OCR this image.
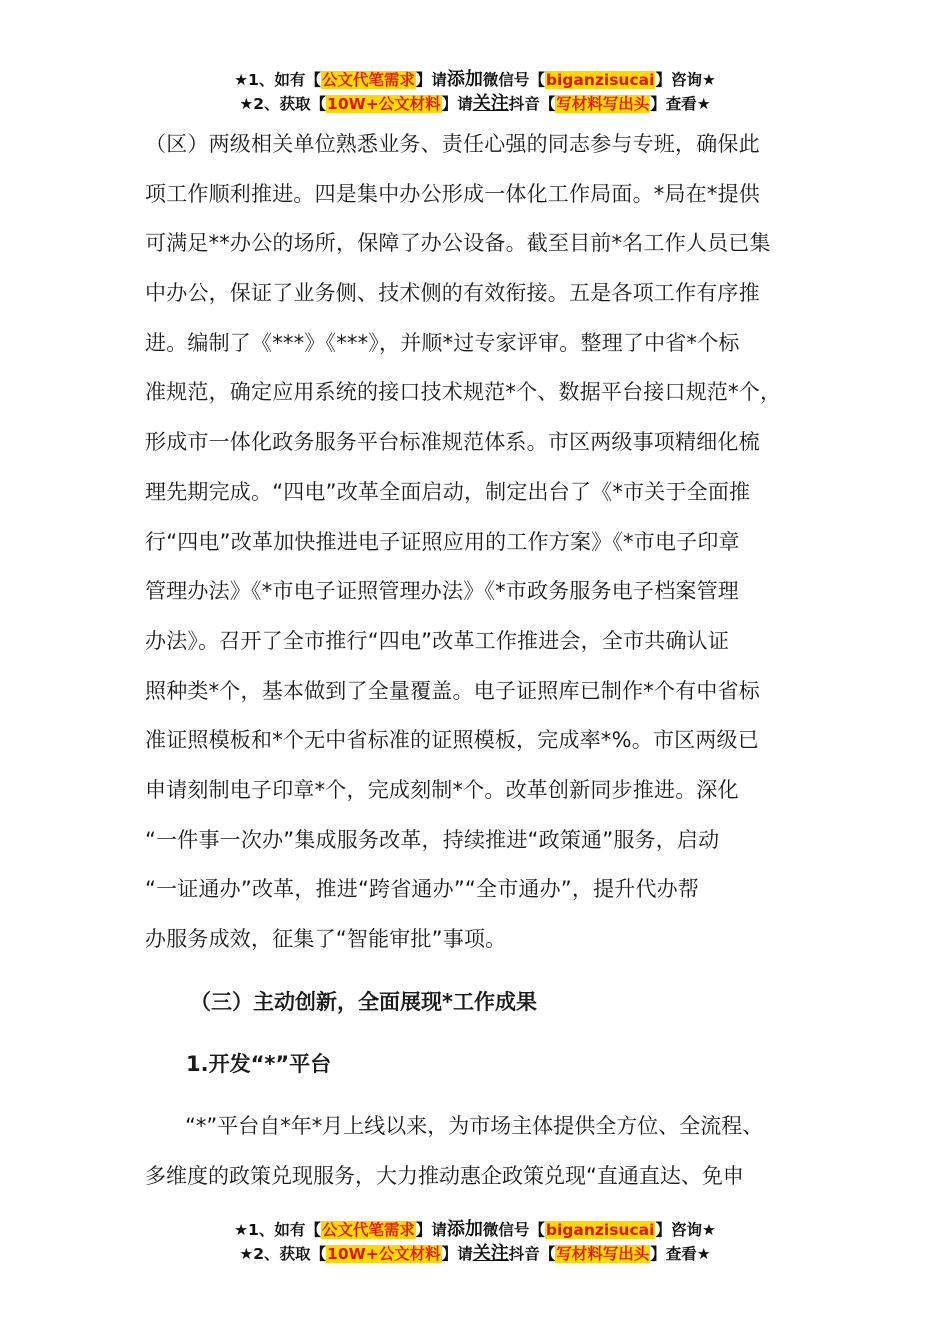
★1、如有【公文代笔需求】请添加微信号【biganzisucai】咨询★
★2、获取【10W+公文材料】请关注抖音【写材料写出头】查看★
（区）两级相关单位熟悉业务、责任心强的同志参与专班，确保此
项工作顺利推进。四是集中办公形成一体化工作局面。*局在*提供
可满足**办公的场所，保障了办公设备。截至目前*名工作人员已集
中办公，保证了业务侧、技术侧的有效衔接。五是各项工作有序推
进。编制了《***》《***》，并顺*过专家评审。整理了中省*个标
准规范，确定应用系统的接口技术规范*个、数据平台接口规范*个，
形成市一体化政务服务平台标准规范体系。市区两级事项精细化梳
理先期完成。“四电”改革全面启动，制定出台了《*市关于全面推
行“四电”改革加快推进电子证照应用的工作方案》《*市电子印章
管理办法》《*市电子证照管理办法》《*市政务服务电子档案管理
办法》。召开了全市推行“四电”改革工作推进会，全市共确认证
照种类*个，基本做到了全量覆盖。电子证照库已制作*个有中省标
准证照模板和*个无中省标准的证照模板，完成率*%。市区两级已
申请刻制电子印章*个，完成刻制*个。改革创新同步推进。深化
“一件事一次办”集成服务改革，持续推进“政策通”服务，启动
“一证通办”改革，推进“跨省通办”“全市通办”，提升代办帮
办服务成效，征集了“智能审批”事项。
（三）主动创新，全面展现*工作成果
1.开发“*”平台
“*”平台自*年*月上线以来，为市场主体提供全方位、全流程、
多维度的政策兑现服务，大力推动惠企政策兑现“直通直达、免申
★1、如有【公文代笔需求】请添加微信号【biganzisucai】咨询★
★2、获取【10W+公文材料】请关注抖音【写材料写出头】查看★
